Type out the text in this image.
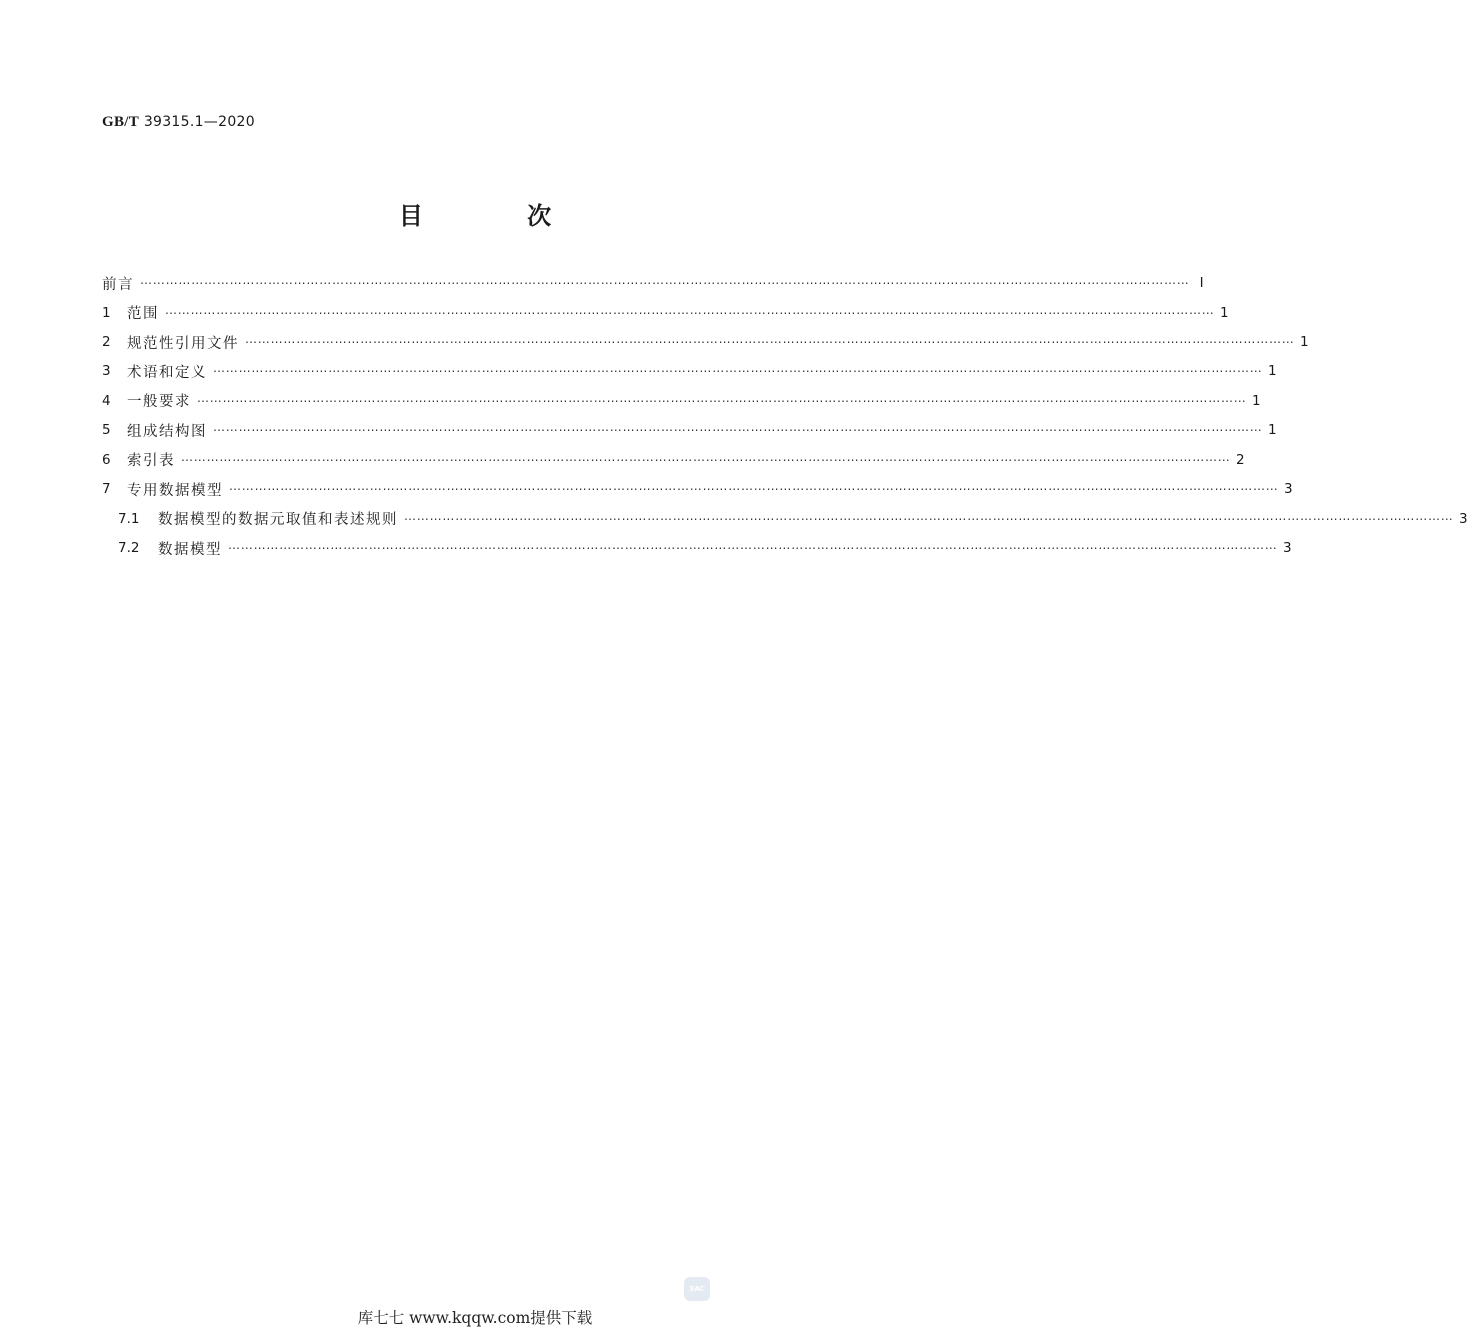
GB/T 39315.1—2020
目 次
前言 ⋯⋯⋯⋯⋯⋯⋯⋯⋯⋯⋯⋯⋯⋯⋯⋯⋯⋯⋯⋯⋯⋯⋯⋯⋯⋯⋯⋯⋯⋯⋯⋯⋯⋯⋯⋯⋯⋯⋯⋯⋯⋯⋯⋯⋯⋯⋯⋯⋯⋯⋯⋯⋯⋯⋯⋯⋯⋯⋯⋯⋯⋯⋯⋯⋯⋯⋯⋯⋯⋯⋯⋯⋯⋯⋯⋯⋯⋯⋯⋯⋯⋯ Ⅰ
1	范围 ⋯⋯⋯⋯⋯⋯⋯⋯⋯⋯⋯⋯⋯⋯⋯⋯⋯⋯⋯⋯⋯⋯⋯⋯⋯⋯⋯⋯⋯⋯⋯⋯⋯⋯⋯⋯⋯⋯⋯⋯⋯⋯⋯⋯⋯⋯⋯⋯⋯⋯⋯⋯⋯⋯⋯⋯⋯⋯⋯⋯⋯⋯⋯⋯⋯⋯⋯⋯⋯⋯⋯⋯⋯⋯⋯⋯⋯⋯⋯⋯⋯⋯ 1
2	规范性引用文件 ⋯⋯⋯⋯⋯⋯⋯⋯⋯⋯⋯⋯⋯⋯⋯⋯⋯⋯⋯⋯⋯⋯⋯⋯⋯⋯⋯⋯⋯⋯⋯⋯⋯⋯⋯⋯⋯⋯⋯⋯⋯⋯⋯⋯⋯⋯⋯⋯⋯⋯⋯⋯⋯⋯⋯⋯⋯⋯⋯⋯⋯⋯⋯⋯⋯⋯⋯⋯⋯⋯⋯⋯⋯⋯⋯⋯⋯⋯⋯⋯⋯⋯ 1
3	术语和定义 ⋯⋯⋯⋯⋯⋯⋯⋯⋯⋯⋯⋯⋯⋯⋯⋯⋯⋯⋯⋯⋯⋯⋯⋯⋯⋯⋯⋯⋯⋯⋯⋯⋯⋯⋯⋯⋯⋯⋯⋯⋯⋯⋯⋯⋯⋯⋯⋯⋯⋯⋯⋯⋯⋯⋯⋯⋯⋯⋯⋯⋯⋯⋯⋯⋯⋯⋯⋯⋯⋯⋯⋯⋯⋯⋯⋯⋯⋯⋯⋯⋯⋯ 1
4	一般要求 ⋯⋯⋯⋯⋯⋯⋯⋯⋯⋯⋯⋯⋯⋯⋯⋯⋯⋯⋯⋯⋯⋯⋯⋯⋯⋯⋯⋯⋯⋯⋯⋯⋯⋯⋯⋯⋯⋯⋯⋯⋯⋯⋯⋯⋯⋯⋯⋯⋯⋯⋯⋯⋯⋯⋯⋯⋯⋯⋯⋯⋯⋯⋯⋯⋯⋯⋯⋯⋯⋯⋯⋯⋯⋯⋯⋯⋯⋯⋯⋯⋯⋯ 1
5	组成结构图 ⋯⋯⋯⋯⋯⋯⋯⋯⋯⋯⋯⋯⋯⋯⋯⋯⋯⋯⋯⋯⋯⋯⋯⋯⋯⋯⋯⋯⋯⋯⋯⋯⋯⋯⋯⋯⋯⋯⋯⋯⋯⋯⋯⋯⋯⋯⋯⋯⋯⋯⋯⋯⋯⋯⋯⋯⋯⋯⋯⋯⋯⋯⋯⋯⋯⋯⋯⋯⋯⋯⋯⋯⋯⋯⋯⋯⋯⋯⋯⋯⋯⋯ 1
6	索引表 ⋯⋯⋯⋯⋯⋯⋯⋯⋯⋯⋯⋯⋯⋯⋯⋯⋯⋯⋯⋯⋯⋯⋯⋯⋯⋯⋯⋯⋯⋯⋯⋯⋯⋯⋯⋯⋯⋯⋯⋯⋯⋯⋯⋯⋯⋯⋯⋯⋯⋯⋯⋯⋯⋯⋯⋯⋯⋯⋯⋯⋯⋯⋯⋯⋯⋯⋯⋯⋯⋯⋯⋯⋯⋯⋯⋯⋯⋯⋯⋯⋯⋯ 2
7	专用数据模型 ⋯⋯⋯⋯⋯⋯⋯⋯⋯⋯⋯⋯⋯⋯⋯⋯⋯⋯⋯⋯⋯⋯⋯⋯⋯⋯⋯⋯⋯⋯⋯⋯⋯⋯⋯⋯⋯⋯⋯⋯⋯⋯⋯⋯⋯⋯⋯⋯⋯⋯⋯⋯⋯⋯⋯⋯⋯⋯⋯⋯⋯⋯⋯⋯⋯⋯⋯⋯⋯⋯⋯⋯⋯⋯⋯⋯⋯⋯⋯⋯⋯⋯ 3
7.1	数据模型的数据元取值和表述规则 ⋯⋯⋯⋯⋯⋯⋯⋯⋯⋯⋯⋯⋯⋯⋯⋯⋯⋯⋯⋯⋯⋯⋯⋯⋯⋯⋯⋯⋯⋯⋯⋯⋯⋯⋯⋯⋯⋯⋯⋯⋯⋯⋯⋯⋯⋯⋯⋯⋯⋯⋯⋯⋯⋯⋯⋯⋯⋯⋯⋯⋯⋯⋯⋯⋯⋯⋯⋯⋯⋯⋯⋯⋯⋯⋯⋯⋯⋯⋯⋯⋯⋯ 3
7.2	数据模型 ⋯⋯⋯⋯⋯⋯⋯⋯⋯⋯⋯⋯⋯⋯⋯⋯⋯⋯⋯⋯⋯⋯⋯⋯⋯⋯⋯⋯⋯⋯⋯⋯⋯⋯⋯⋯⋯⋯⋯⋯⋯⋯⋯⋯⋯⋯⋯⋯⋯⋯⋯⋯⋯⋯⋯⋯⋯⋯⋯⋯⋯⋯⋯⋯⋯⋯⋯⋯⋯⋯⋯⋯⋯⋯⋯⋯⋯⋯⋯⋯⋯⋯ 3
SAC
库七七 www.kqqw.com提供下载
